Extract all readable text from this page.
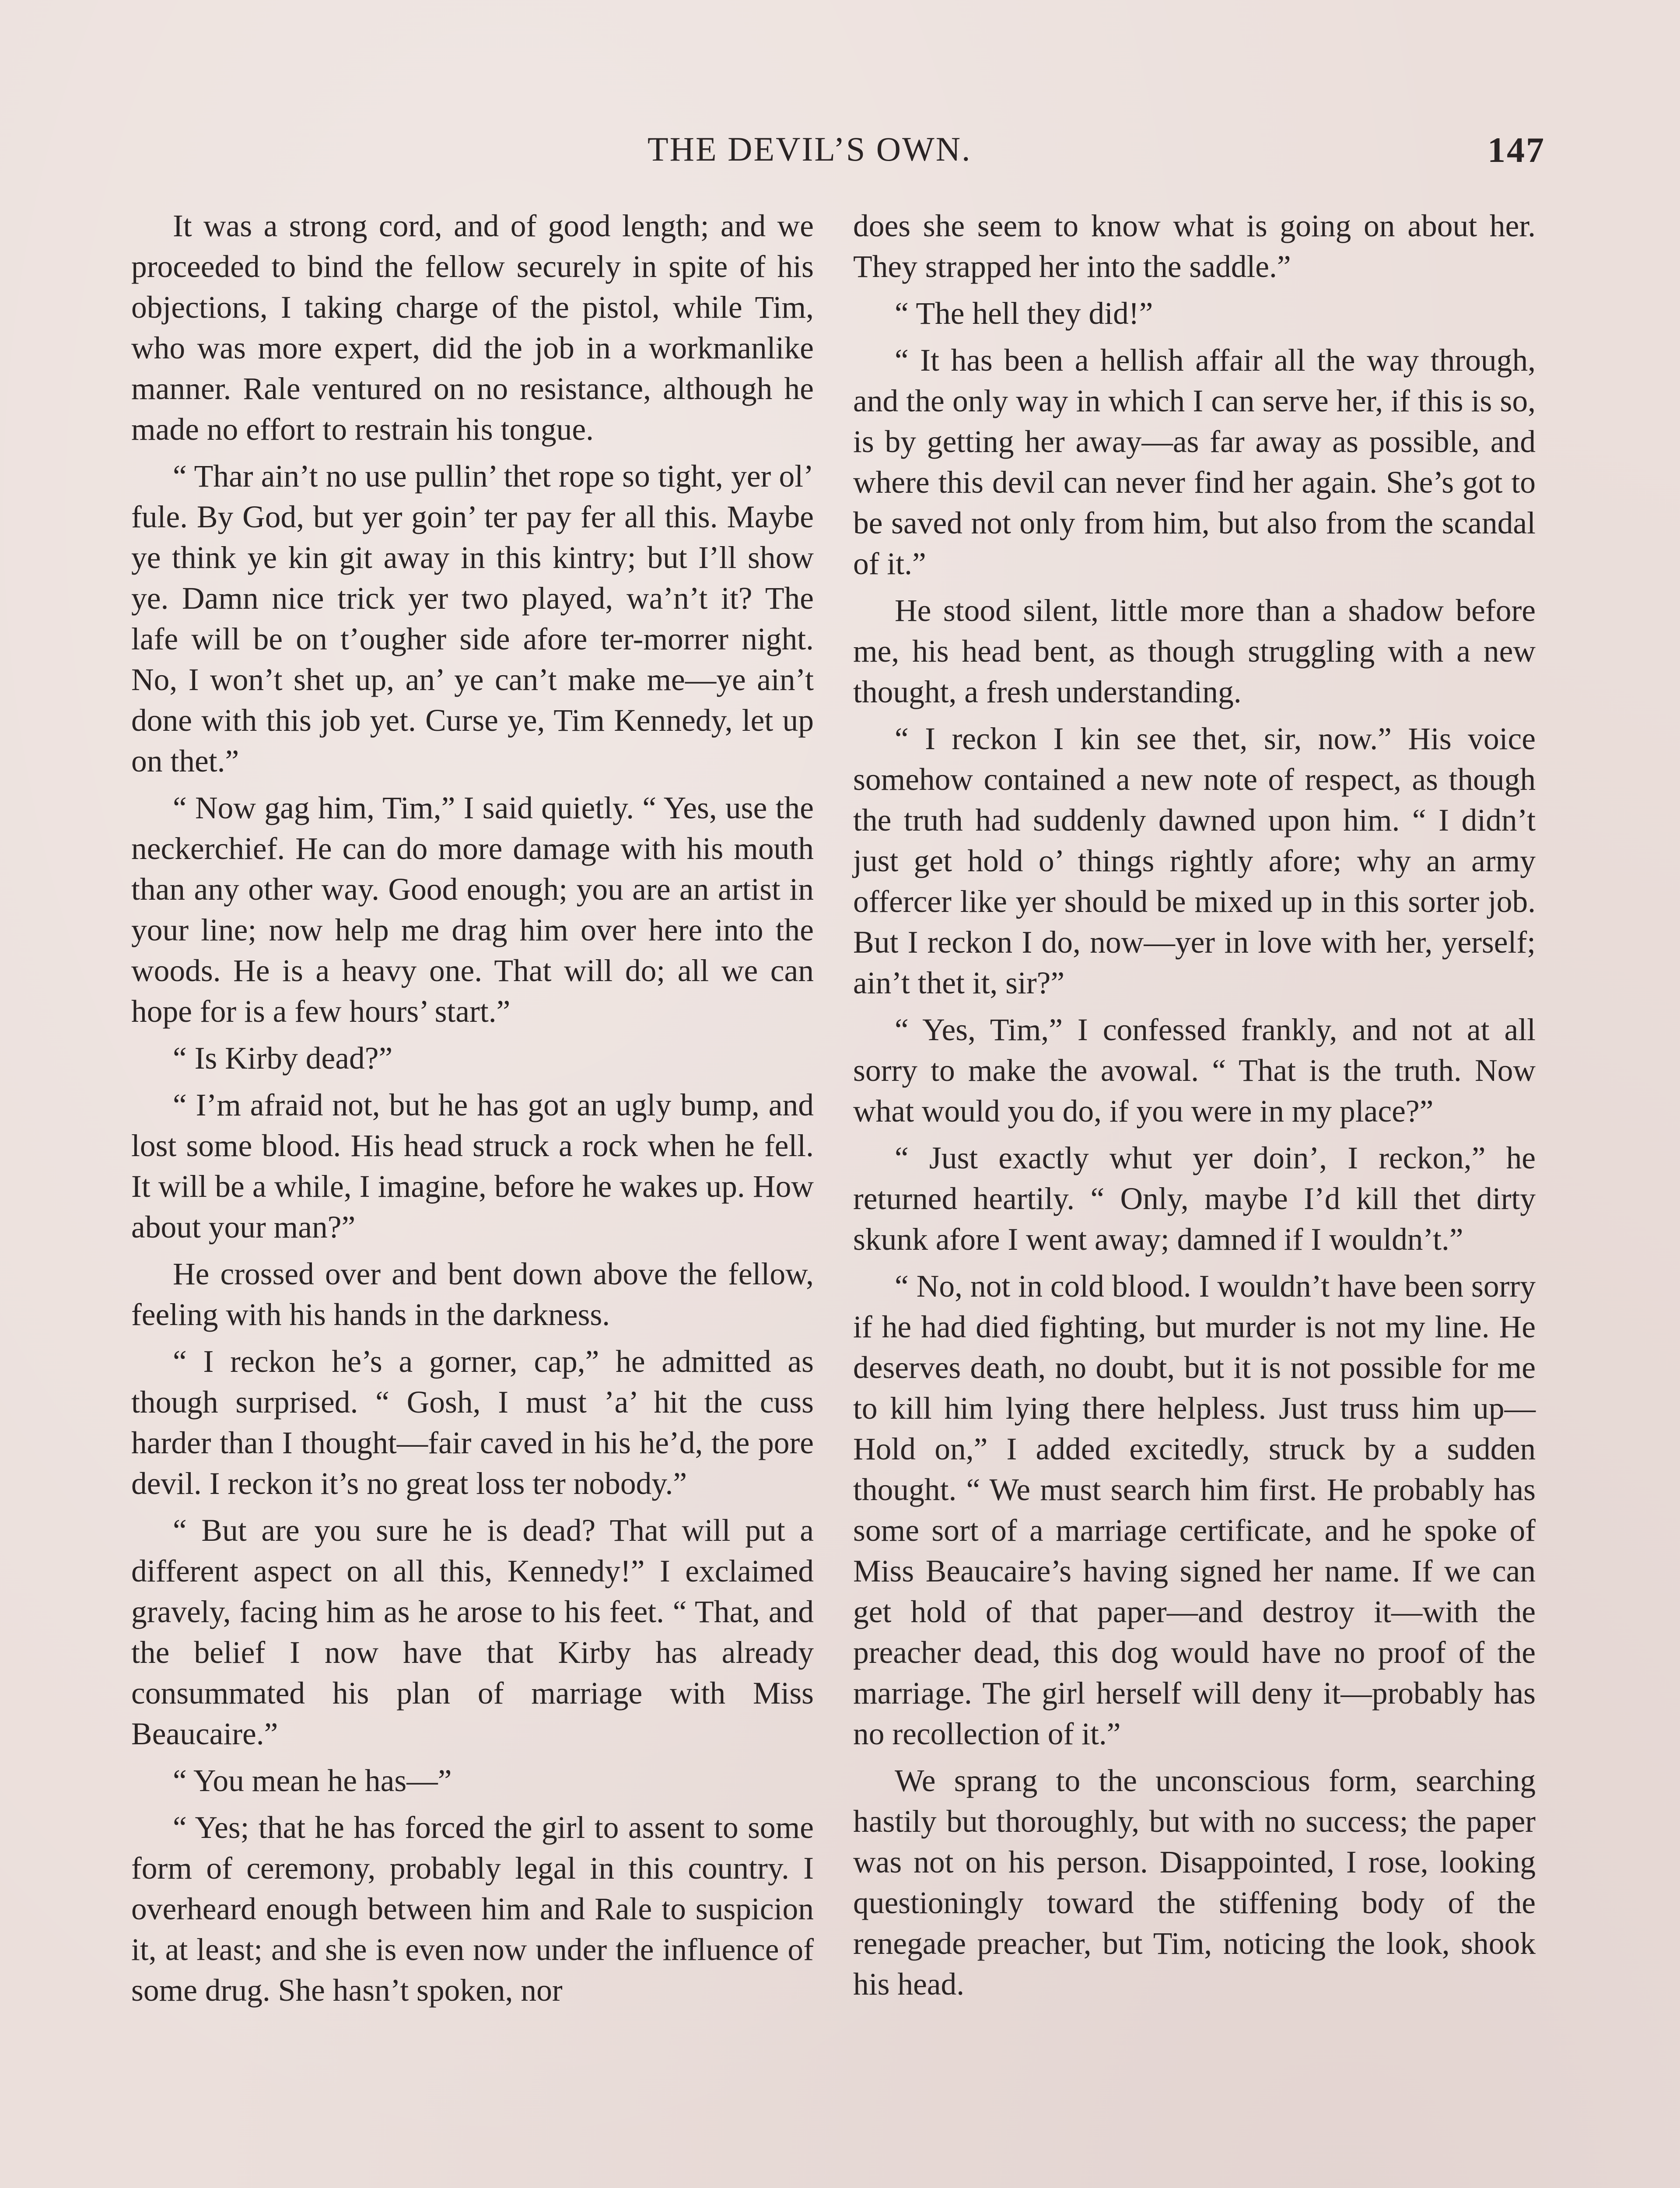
THE DEVIL’S OWN.	147

It was a strong cord, and of good length; and we proceeded to bind the fellow securely in spite of his objections, I taking charge of the pistol, while Tim, who was more expert, did the job in a workmanlike manner. Rale ventured on no resistance, although he made no effort to restrain his tongue.

“ Thar ain’t no use pullin’ thet rope so tight, yer ol’ fule. By God, but yer goin’ ter pay fer all this. Maybe ye think ye kin git away in this kintry; but I’ll show ye. Damn nice trick yer two played, wa’n’t it? The lafe will be on t’ougher side afore ter-morrer night. No, I won’t shet up, an’ ye can’t make me—ye ain’t done with this job yet. Curse ye, Tim Kennedy, let up on thet.”

“ Now gag him, Tim,” I said quietly. “ Yes, use the neckerchief. He can do more damage with his mouth than any other way. Good enough; you are an artist in your line; now help me drag him over here into the woods. He is a heavy one. That will do; all we can hope for is a few hours’ start.”

“ Is Kirby dead?”

“ I’m afraid not, but he has got an ugly bump, and lost some blood. His head struck a rock when he fell. It will be a while, I imagine, before he wakes up. How about your man?”

He crossed over and bent down above the fellow, feeling with his hands in the darkness.

“ I reckon he’s a gorner, cap,” he admitted as though surprised. “ Gosh, I must ’a’ hit the cuss harder than I thought—fair caved in his he’d, the pore devil. I reckon it’s no great loss ter nobody.”

“ But are you sure he is dead? That will put a different aspect on all this, Kennedy!” I exclaimed gravely, facing him as he arose to his feet. “ That, and the belief I now have that Kirby has already consummated his plan of marriage with Miss Beaucaire.”

“ You mean he has—”

“ Yes; that he has forced the girl to assent to some form of ceremony, probably legal in this country. I overheard enough between him and Rale to suspicion it, at least; and she is even now under the influence of some drug. She hasn’t spoken, nor

does she seem to know what is going on about her. They strapped her into the saddle.”

“ The hell they did!”

“ It has been a hellish affair all the way through, and the only way in which I can serve her, if this is so, is by getting her away—as far away as possible, and where this devil can never find her again. She’s got to be saved not only from him, but also from the scandal of it.”

He stood silent, little more than a shadow before me, his head bent, as though struggling with a new thought, a fresh understanding.

“ I reckon I kin see thet, sir, now.” His voice somehow contained a new note of respect, as though the truth had suddenly dawned upon him. “ I didn’t just get hold o’ things rightly afore; why an army offercer like yer should be mixed up in this sorter job. But I reckon I do, now—yer in love with her, yerself; ain’t thet it, sir?”

“ Yes, Tim,” I confessed frankly, and not at all sorry to make the avowal. “ That is the truth. Now what would you do, if you were in my place?”

“ Just exactly whut yer doin’, I reckon,” he returned heartily. “ Only, maybe I’d kill thet dirty skunk afore I went away; damned if I wouldn’t.”

“ No, not in cold blood. I wouldn’t have been sorry if he had died fighting, but murder is not my line. He deserves death, no doubt, but it is not possible for me to kill him lying there helpless. Just truss him up— Hold on,” I added excitedly, struck by a sudden thought. “ We must search him first. He probably has some sort of a marriage certificate, and he spoke of Miss Beaucaire’s having signed her name. If we can get hold of that paper—and destroy it—with the preacher dead, this dog would have no proof of the marriage. The girl herself will deny it—probably has no recollection of it.”

We sprang to the unconscious form, searching hastily but thoroughly, but with no success; the paper was not on his person. Disappointed, I rose, looking questioningly toward the stiffening body of the renegade preacher, but Tim, noticing the look, shook his head.
